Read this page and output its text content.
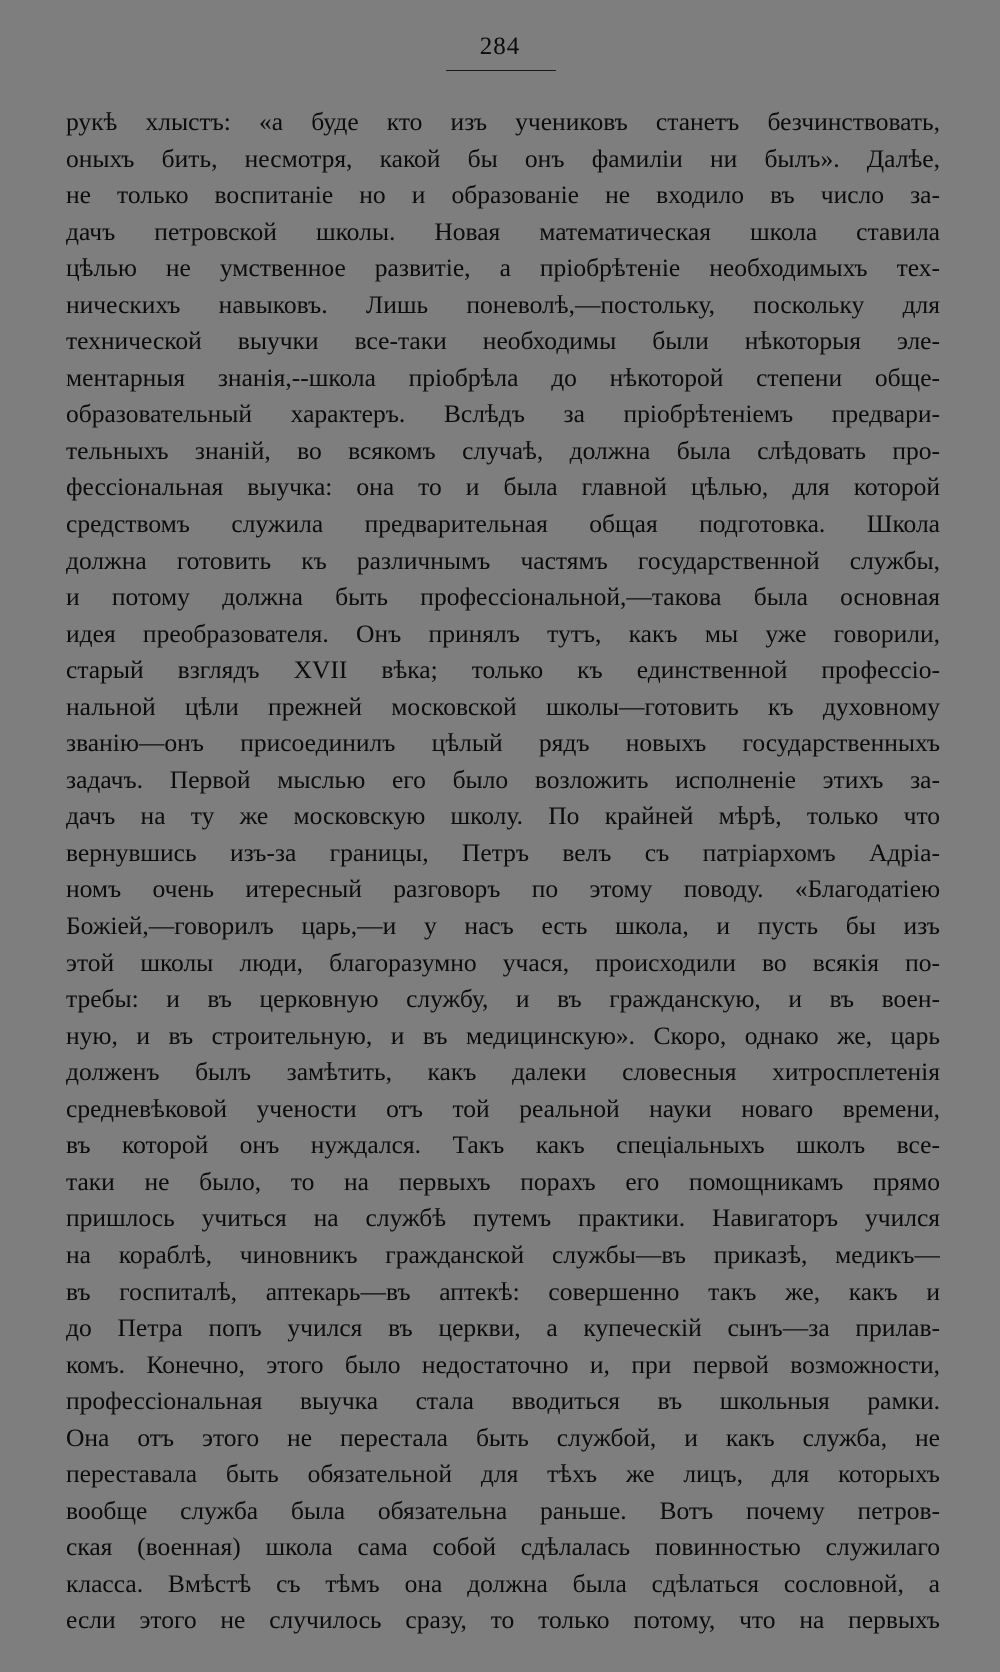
284
рукѣ хлыстъ: «а буде кто изъ учениковъ станетъ безчинствовать,
оныхъ бить, несмотря, какой бы онъ фамиліи ни былъ». Далѣе,
не только воспитаніе но и образованіе не входило въ число за-
дачъ петровской школы. Новая математическая школа ставила
цѣлью не умственное развитіе, а пріобрѣтеніе необходимыхъ тех-
ническихъ навыковъ. Лишь поневолѣ,—постольку, поскольку для
технической выучки все-таки необходимы были нѣкоторыя эле-
ментарныя знанія,--школа пріобрѣла до нѣкоторой степени обще-
образовательный характеръ. Вслѣдъ за пріобрѣтеніемъ предвари-
тельныхъ знаній, во всякомъ случаѣ, должна была слѣдовать про-
фессіональная выучка: она то и была главной цѣлью, для которой
средствомъ служила предварительная общая подготовка. Школа
должна готовить къ различнымъ частямъ государственной службы,
и потому должна быть профессіональной,—такова была основная
идея преобразователя. Онъ принялъ тутъ, какъ мы уже говорили,
старый взглядъ XVII вѣка; только къ единственной профессіо-
нальной цѣли прежней московской школы—готовить къ духовному
званію—онъ присоединилъ цѣлый рядъ новыхъ государственныхъ
задачъ. Первой мыслью его было возложить исполненіе этихъ за-
дачъ на ту же московскую школу. По крайней мѣрѣ, только что
вернувшись изъ-за границы, Петръ велъ съ патріархомъ Адріа-
номъ очень итересный разговоръ по этому поводу. «Благодатіею
Божіей,—говорилъ царь,—и у насъ есть школа, и пусть бы изъ
этой школы люди, благоразумно учася, происходили во всякія по-
требы: и въ церковную службу, и въ гражданскую, и въ воен-
ную, и въ строительную, и въ медицинскую». Скоро, однако же, царь
долженъ былъ замѣтить, какъ далеки словесныя хитросплетенія
средневѣковой учености отъ той реальной науки новаго времени,
въ которой онъ нуждался. Такъ какъ спеціальныхъ школъ все-
таки не было, то на первыхъ порахъ его помощникамъ прямо
пришлось учиться на службѣ путемъ практики. Навигаторъ учился
на кораблѣ, чиновникъ гражданской службы—въ приказѣ, медикъ—
въ госпиталѣ, аптекарь—въ аптекѣ: совершенно такъ же, какъ и
до Петра попъ учился въ церкви, а купеческій сынъ—за прилав-
комъ. Конечно, этого было недостаточно и, при первой возможности,
профессіональная выучка стала вводиться въ школьныя рамки.
Она отъ этого не перестала быть службой, и какъ служба, не
переставала быть обязательной для тѣхъ же лицъ, для которыхъ
вообще служба была обязательна раньше. Вотъ почему петров-
ская (военная) школа сама собой сдѣлалась повинностью служилаго
класса. Вмѣстѣ съ тѣмъ она должна была сдѣлаться сословной, а
если этого не случилось сразу, то только потому, что на первыхъ
